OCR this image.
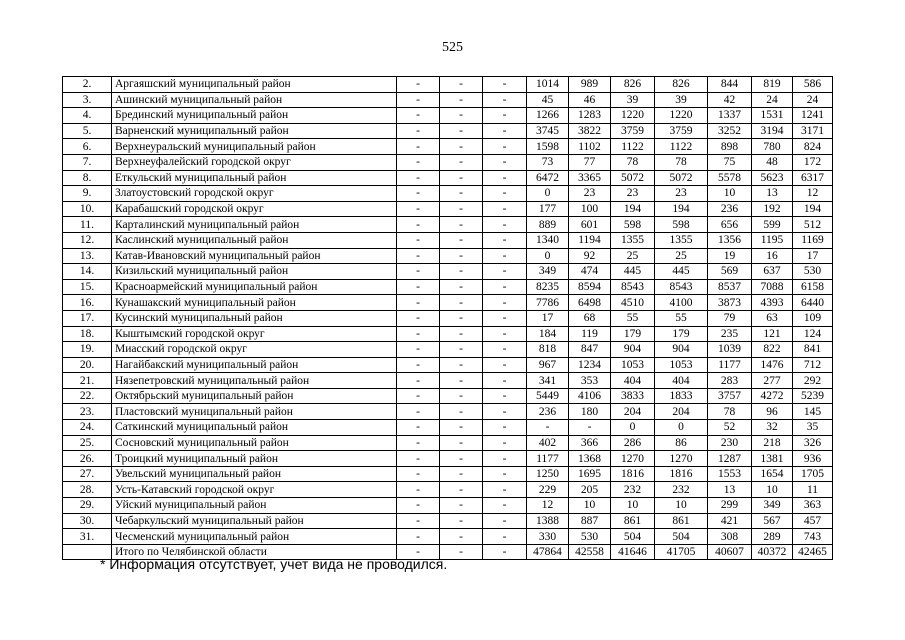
525
2.	Аргаяшский муниципальный район	-	-	-	1014	989	826	826	844	819	586
3.	Ашинский муниципальный район	-	-	-	45	46	39	39	42	24	24
4.	Брединский муниципальный район	-	-	-	1266	1283	1220	1220	1337	1531	1241
5.	Варненский муниципальный район	-	-	-	3745	3822	3759	3759	3252	3194	3171
6.	Верхнеуральский муниципальный район	-	-	-	1598	1102	1122	1122	898	780	824
7.	Верхнеуфалейский городской округ	-	-	-	73	77	78	78	75	48	172
8.	Еткульский муниципальный район	-	-	-	6472	3365	5072	5072	5578	5623	6317
9.	Златоустовский городской округ	-	-	-	0	23	23	23	10	13	12
10.	Карабашский городской округ	-	-	-	177	100	194	194	236	192	194
11.	Карталинский муниципальный район	-	-	-	889	601	598	598	656	599	512
12.	Каслинский муниципальный район	-	-	-	1340	1194	1355	1355	1356	1195	1169
13.	Катав-Ивановский муниципальный район	-	-	-	0	92	25	25	19	16	17
14.	Кизильский муниципальный район	-	-	-	349	474	445	445	569	637	530
15.	Красноармейский муниципальный район	-	-	-	8235	8594	8543	8543	8537	7088	6158
16.	Кунашакский муниципальный район	-	-	-	7786	6498	4510	4100	3873	4393	6440
17.	Кусинский муниципальный район	-	-	-	17	68	55	55	79	63	109
18.	Кыштымский городской округ	-	-	-	184	119	179	179	235	121	124
19.	Миасский городской округ	-	-	-	818	847	904	904	1039	822	841
20.	Нагайбакский муниципальный район	-	-	-	967	1234	1053	1053	1177	1476	712
21.	Нязепетровский муниципальный район	-	-	-	341	353	404	404	283	277	292
22.	Октябрьский муниципальный район	-	-	-	5449	4106	3833	1833	3757	4272	5239
23.	Пластовский муниципальный район	-	-	-	236	180	204	204	78	96	145
24.	Саткинский муниципальный район	-	-	-	-	-	0	0	52	32	35
25.	Сосновский муниципальный район	-	-	-	402	366	286	86	230	218	326
26.	Троицкий муниципальный район	-	-	-	1177	1368	1270	1270	1287	1381	936
27.	Увельский муниципальный район	-	-	-	1250	1695	1816	1816	1553	1654	1705
28.	Усть-Катавский городской округ	-	-	-	229	205	232	232	13	10	11
29.	Уйский муниципальный район	-	-	-	12	10	10	10	299	349	363
30.	Чебаркульский муниципальный район	-	-	-	1388	887	861	861	421	567	457
31.	Чесменский муниципальный район	-	-	-	330	530	504	504	308	289	743
	Итого по Челябинской области	-	-	-	47864	42558	41646	41705	40607	40372	42465
* Информация отсутствует, учет вида не проводился.
